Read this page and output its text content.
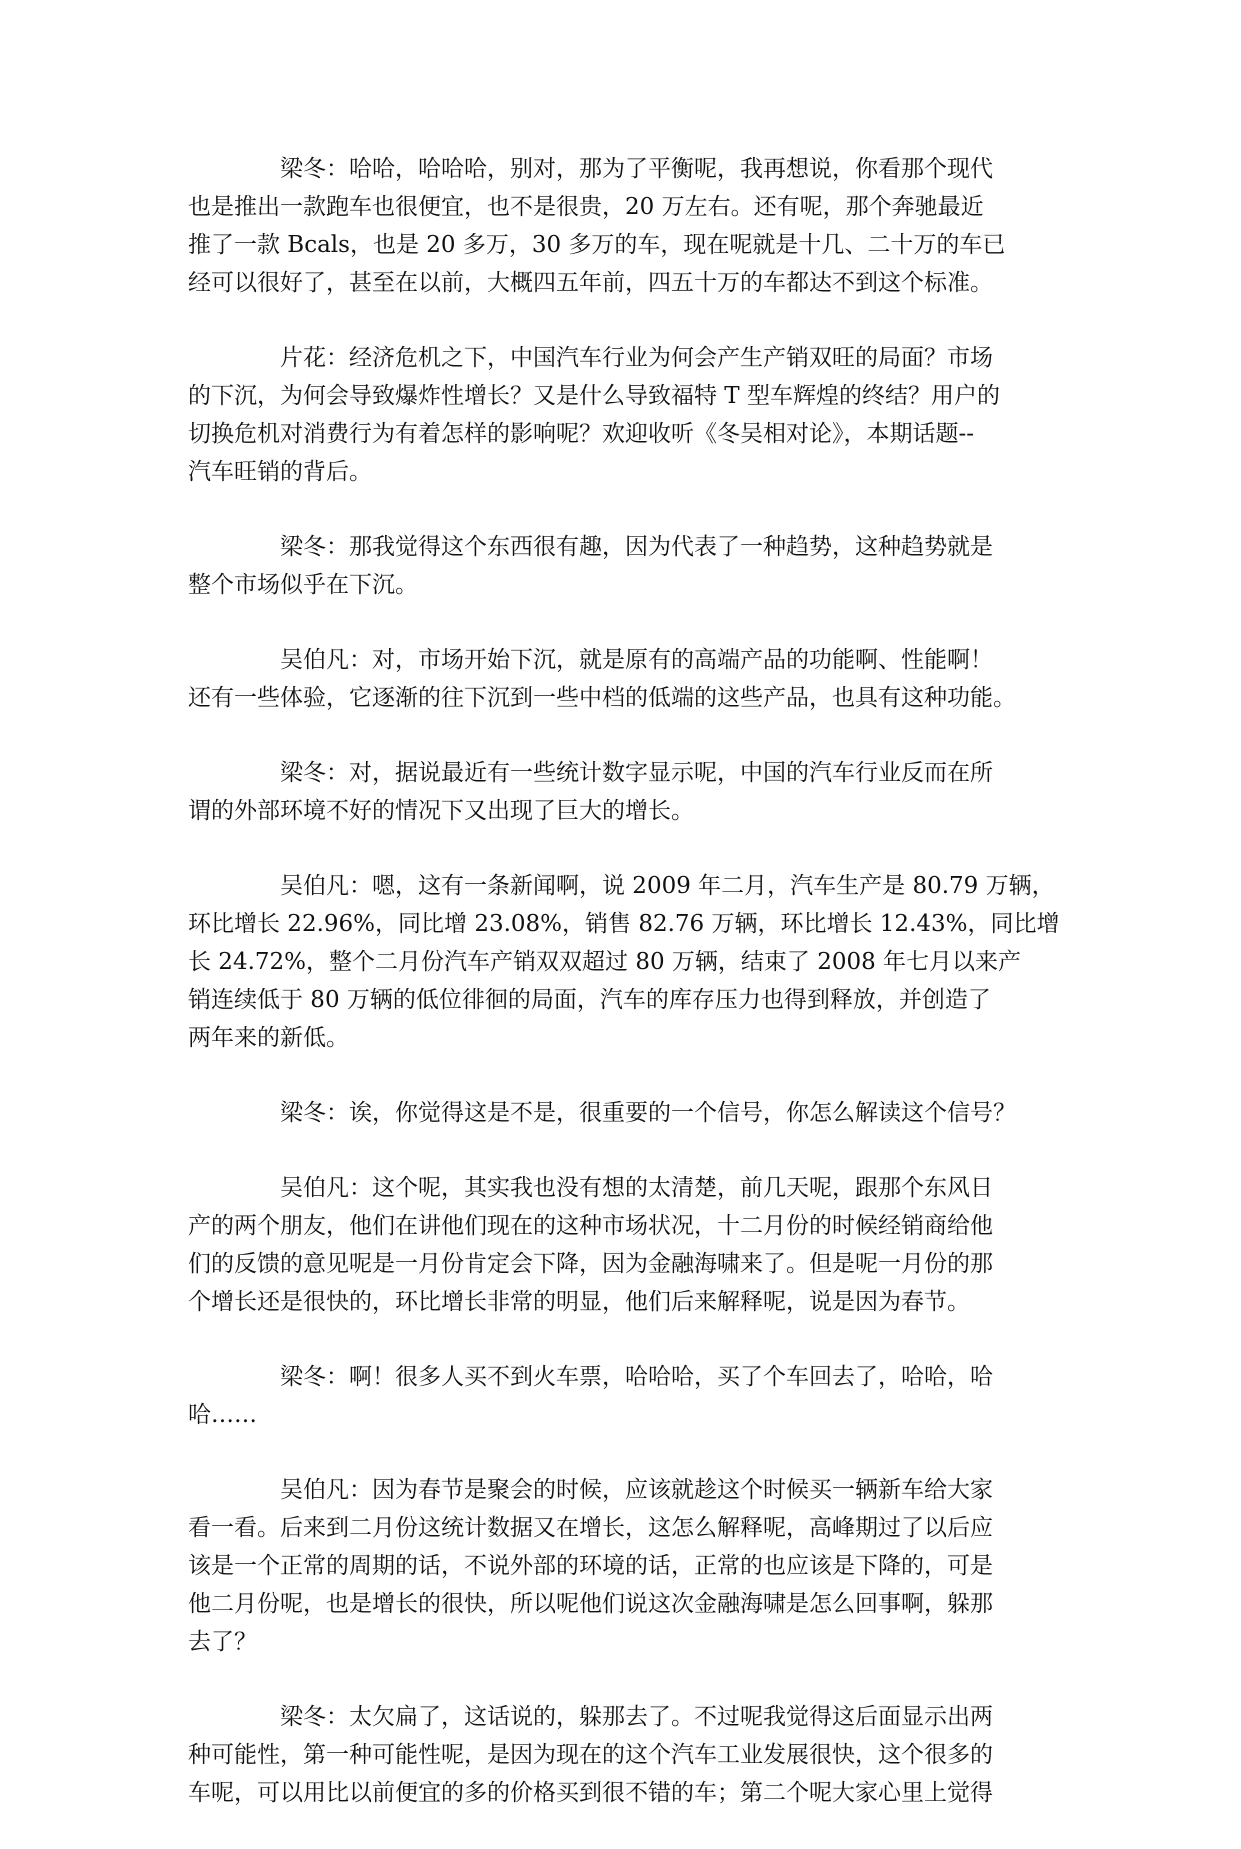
梁冬：哈哈，哈哈哈，别对，那为了平衡呢，我再想说，你看那个现代
也是推出一款跑车也很便宜，也不是很贵，20 万左右。还有呢，那个奔驰最近
推了一款 Bcals，也是 20 多万，30 多万的车，现在呢就是十几、二十万的车已
经可以很好了，甚至在以前，大概四五年前，四五十万的车都达不到这个标准。

片花：经济危机之下，中国汽车行业为何会产生产销双旺的局面？市场
的下沉，为何会导致爆炸性增长？又是什么导致福特 T 型车辉煌的终结？用户的
切换危机对消费行为有着怎样的影响呢？欢迎收听《冬吴相对论》，本期话题--
汽车旺销的背后。

梁冬：那我觉得这个东西很有趣，因为代表了一种趋势，这种趋势就是
整个市场似乎在下沉。

吴伯凡：对，市场开始下沉，就是原有的高端产品的功能啊、性能啊！
还有一些体验，它逐渐的往下沉到一些中档的低端的这些产品，也具有这种功能。

梁冬：对，据说最近有一些统计数字显示呢，中国的汽车行业反而在所
谓的外部环境不好的情况下又出现了巨大的增长。

吴伯凡：嗯，这有一条新闻啊，说 2009 年二月，汽车生产是 80.79 万辆，
环比增长 22.96%，同比增 23.08%，销售 82.76 万辆，环比增长 12.43%，同比增
长 24.72%，整个二月份汽车产销双双超过 80 万辆，结束了 2008 年七月以来产
销连续低于 80 万辆的低位徘徊的局面，汽车的库存压力也得到释放，并创造了
两年来的新低。

梁冬：诶，你觉得这是不是，很重要的一个信号，你怎么解读这个信号？

吴伯凡：这个呢，其实我也没有想的太清楚，前几天呢，跟那个东风日
产的两个朋友，他们在讲他们现在的这种市场状况，十二月份的时候经销商给他
们的反馈的意见呢是一月份肯定会下降，因为金融海啸来了。但是呢一月份的那
个增长还是很快的，环比增长非常的明显，他们后来解释呢，说是因为春节。

梁冬：啊！很多人买不到火车票，哈哈哈，买了个车回去了，哈哈，哈
哈……

吴伯凡：因为春节是聚会的时候，应该就趁这个时候买一辆新车给大家
看一看。后来到二月份这统计数据又在增长，这怎么解释呢，高峰期过了以后应
该是一个正常的周期的话，不说外部的环境的话，正常的也应该是下降的，可是
他二月份呢，也是增长的很快，所以呢他们说这次金融海啸是怎么回事啊，躲那
去了？

梁冬：太欠扁了，这话说的，躲那去了。不过呢我觉得这后面显示出两
种可能性，第一种可能性呢，是因为现在的这个汽车工业发展很快，这个很多的
车呢，可以用比以前便宜的多的价格买到很不错的车；第二个呢大家心里上觉得
